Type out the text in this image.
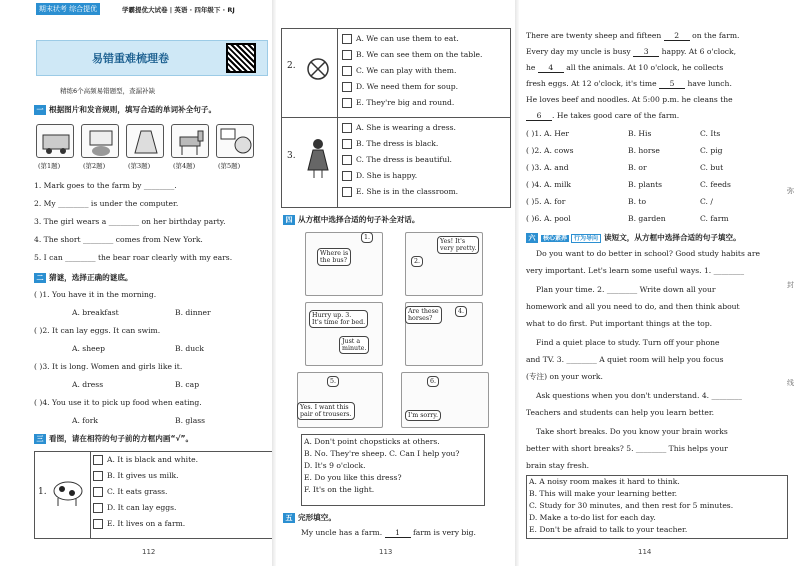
期末状考 综合提优	学霸提优大试卷 | 英语 · 四年级下 · RJ
易错重难梳理卷
精练6个高频易错题型，查漏补缺
一 根据图片和发音规则，填写合适的单词补全句子。
(第1题)	(第2题)	(第3题)	(第4题)	(第5题)
1. Mark goes to the farm by ________.
2. My ________ is under the computer.
3. The girl wears a ________ on her birthday party.
4. The short ________ comes from New York.
5. I can ________ the bear roar clearly with my ears.
二 猜谜，选择正确的谜底。
( )1. You have it in the morning.
A. breakfast	B. dinner
( )2. It can lay eggs. It can swim.
A. sheep	B. duck
( )3. It is long. Women and girls like it.
A. dress	B. cap
( )4. You use it to pick up food when eating.
A. fork	B. glass
三 看图，请在相符的句子前的方框内画“√”。
1.
A. It is black and white.
B. It gives us milk.
C. It eats grass.
D. It can lay eggs.
E. It lives on a farm.
112
2.
A. We can use them to eat.
B. We can see them on the table.
C. We can play with them.
D. We need them for soup.
E. They're big and round.
3.
A. She is wearing a dress.
B. The dress is black.
C. The dress is beautiful.
D. She is happy.
E. She is in the classroom.
四 从方框中选择合适的句子补全对话。
Where is
the bus?
1.
Yes! It's
very pretty.
2.
Hurry up. 3.
It's time for bed.
Just a
minute.
Are these
horses?
4.
5.
Yes. I want this
pair of trousers.
6.
I'm sorry.
A. Don't point chopsticks at others.
B. No. They're sheep. C. Can I help you?
D. It's 9 o'clock.
E. Do you like this dress?
F. It's on the light.
五 完形填空。
My uncle has a farm. 1 farm is very big.
113
There are twenty sheep and fifteen 2 on the farm.
Every day my uncle is busy 3 happy. At 6 o'clock,
he 4 all the animals. At 10 o'clock, he collects
fresh eggs. At 12 o'clock, it's time 5 have lunch.
He loves beef and noodles. At 5:00 p.m. he cleans the
6 . He takes good care of the farm.
( )1. A. Her	B. His	C. Its
( )2. A. cows	B. horse	C. pig
( )3. A. and	B. or	C. but
( )4. A. milk	B. plants	C. feeds
( )5. A. for	B. to	C. /
( )6. A. pool	B. garden	C. farm
六 核心素养 行为导向 读短文，从方框中选择合适的句子填空。
Do you want to do better in school? Good study habits are
very important. Let's learn some useful ways. 1. ________
Plan your time. 2. ________ Write down all your
homework and all you need to do, and then think about
what to do first. Put important things at the top.
Find a quiet place to study. Turn off your phone
and TV. 3. ________ A quiet room will help you focus
(专注) on your work.
Ask questions when you don't understand. 4. ________
Teachers and students can help you learn better.
Take short breaks. Do you know your brain works
better with short breaks? 5. ________ This helps your
brain stay fresh.
A. A noisy room makes it hard to think.
B. This will make your learning better.
C. Study for 30 minutes, and then rest for 5 minutes.
D. Make a to-do list for each day.
E. Don't be afraid to talk to your teacher.
114
弥
封
线
